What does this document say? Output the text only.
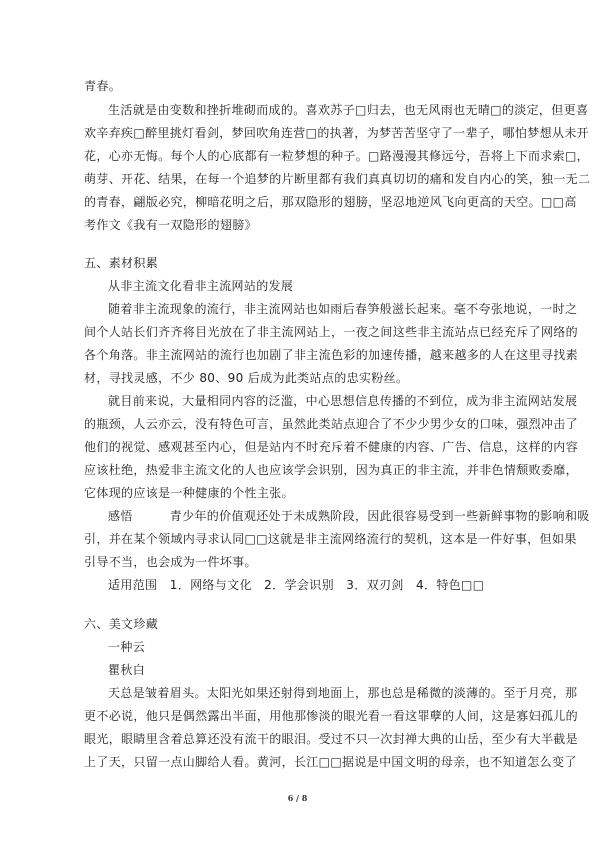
青春。
生活就是由变数和挫折堆砌而成的。喜欢苏子□归去，也无风雨也无晴□的淡定，但更喜
欢辛弃疾□醉里挑灯看剑，梦回吹角连营□的执著，为梦苦苦坚守了一辈子，哪怕梦想从未开
花，心亦无悔。每个人的心底都有一粒梦想的种子。□路漫漫其修远兮，吾将上下而求索□，
萌芽、开花、结果，在每一个追梦的片断里都有我们真真切切的痛和发自内心的笑，独一无二
的青春，翩版必究，柳暗花明之后，那双隐形的翅膀，坚忍地逆风飞向更高的天空。□□高
考作文《我有一双隐形的翅膀》
五、素材积累
从非主流文化看非主流网站的发展
随着非主流现象的流行，非主流网站也如雨后春笋般滋长起来。毫不夸张地说，一时之
间个人站长们齐齐将目光放在了非主流网站上，一夜之间这些非主流站点已经充斥了网络的
各个角落。非主流网站的流行也加剧了非主流色彩的加速传播，越来越多的人在这里寻找素
材，寻找灵感，不少 80、90 后成为此类站点的忠实粉丝。
就目前来说，大量相同内容的泛滥，中心思想信息传播的不到位，成为非主流网站发展
的瓶颈，人云亦云，没有特色可言，虽然此类站点迎合了不少少男少女的口味，强烈冲击了
他们的视觉、感观甚至内心，但是站内不时充斥着不健康的内容、广告、信息，这样的内容
应该杜绝，热爱非主流文化的人也应该学会识别，因为真正的非主流，并非色情颓败委靡，
它体现的应该是一种健康的个性主张。
感悟　　　青少年的价值观还处于未成熟阶段，因此很容易受到一些新鲜事物的影响和吸
引，并在某个领域内寻求认同□□这就是非主流网络流行的契机，这本是一件好事，但如果
引导不当，也会成为一件坏事。
适用范围　1．网络与文化　2．学会识别　3．双刃剑　4．特色□□
六、美文珍藏
一种云
瞿秋白
天总是皱着眉头。太阳光如果还射得到地面上，那也总是稀微的淡薄的。至于月亮，那
更不必说，他只是偶然露出半面，用他那惨淡的眼光看一看这罪孽的人间，这是寡妇孤儿的
眼光，眼睛里含着总算还没有流干的眼泪。受过不只一次封禅大典的山岳，至少有大半截是
上了天，只留一点山脚给人看。黄河，长江□□据说是中国文明的母亲，也不知道怎么变了
6 / 8
